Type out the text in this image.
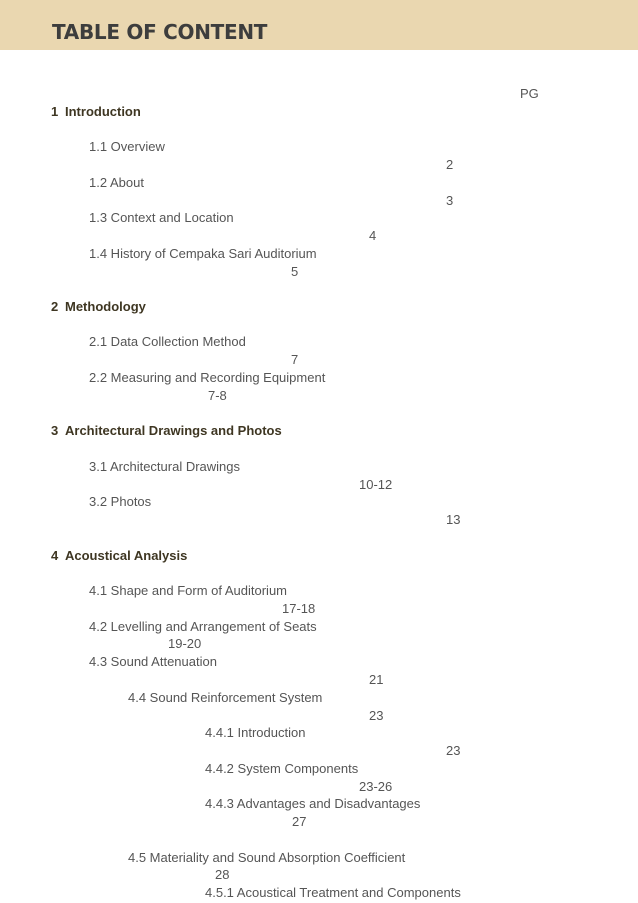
TABLE OF CONTENT
PG
1 Introduction
1.1 Overview
2
1.2 About
3
1.3 Context and Location
4
1.4 History of Cempaka Sari Auditorium
5
2 Methodology
2.1 Data Collection Method
7
2.2 Measuring and Recording Equipment
7-8
3 Architectural Drawings and Photos
3.1 Architectural Drawings
10-12
3.2 Photos
13
4 Acoustical Analysis
4.1 Shape and Form of Auditorium
17-18
4.2 Levelling and Arrangement of Seats
19-20
4.3 Sound Attenuation
21
4.4 Sound Reinforcement System
23
4.4.1 Introduction
23
4.4.2 System Components
23-26
4.4.3 Advantages and Disadvantages
27
4.5 Materiality and Sound Absorption Coefficient
28
4.5.1 Acoustical Treatment and Components
